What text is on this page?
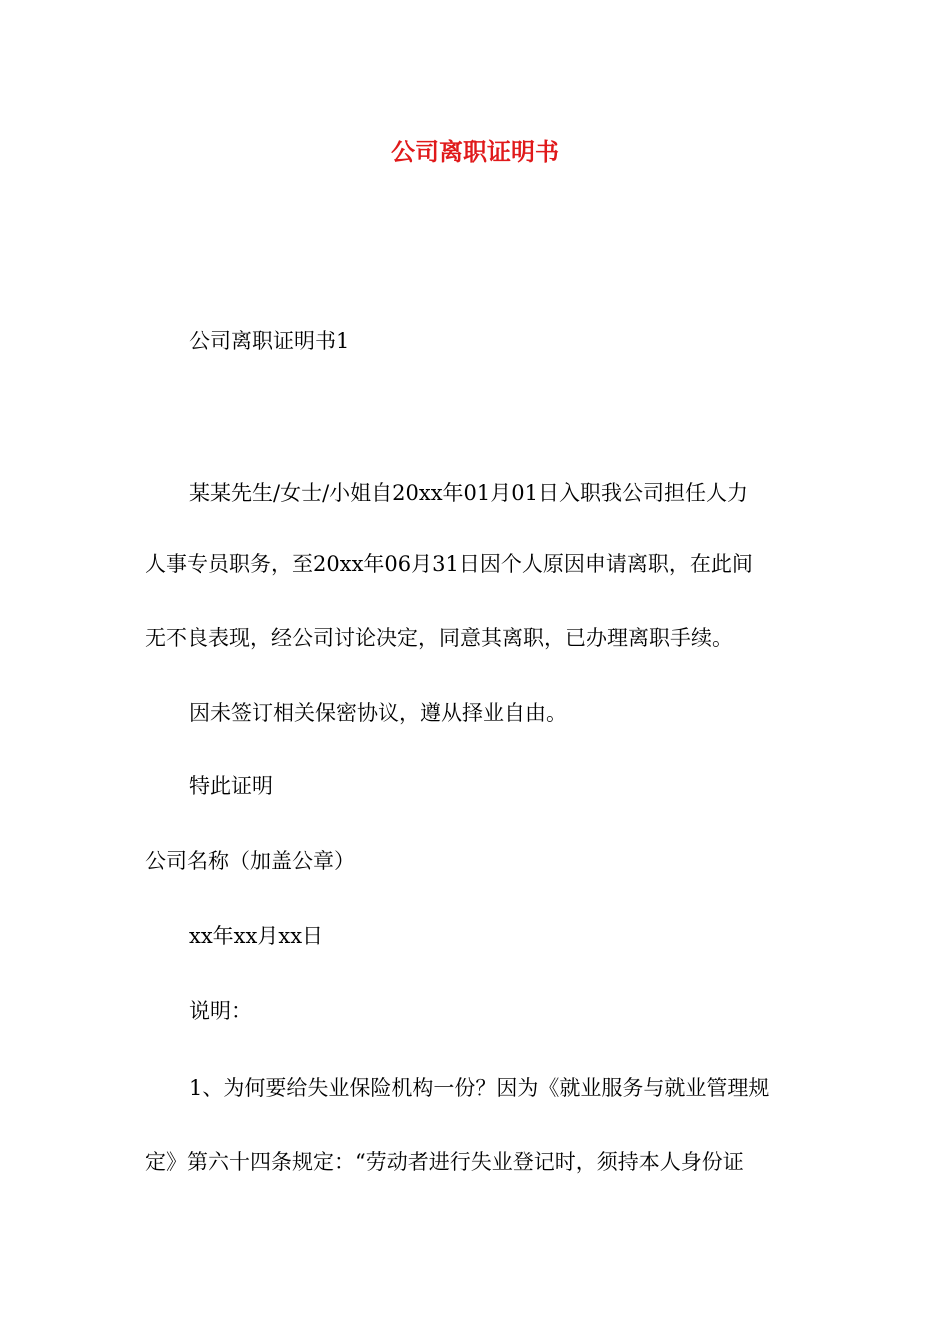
公司离职证明书
公司离职证明书1
某某先生/女士/小姐自20xx年01月01日入职我公司担任人力
人事专员职务，至20xx年06月31日因个人原因申请离职，在此间
无不良表现，经公司讨论决定，同意其离职，已办理离职手续。
因未签订相关保密协议，遵从择业自由。
特此证明
公司名称（加盖公章）
xx年xx月xx日
说明：
1、为何要给失业保险机构一份？因为《就业服务与就业管理规
定》第六十四条规定：“劳动者进行失业登记时，须持本人身份证
